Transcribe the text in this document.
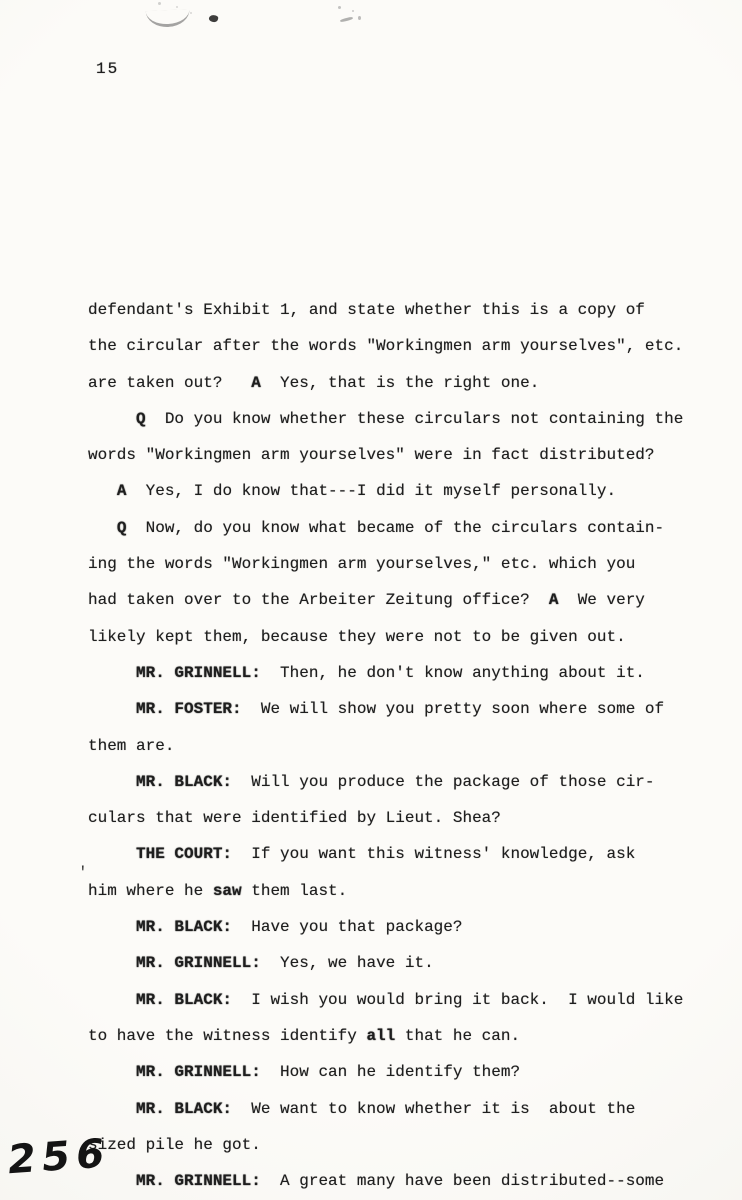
15
defendant's Exhibit 1, and state whether this is a copy of
the circular after the words "Workingmen arm yourselves", etc.
are taken out?   A  Yes, that is the right one.
Q  Do you know whether these circulars not containing the
words "Workingmen arm yourselves" were in fact distributed?
A  Yes, I do know that---I did it myself personally.
Q  Now, do you know what became of the circulars contain-
ing the words "Workingmen arm yourselves," etc. which you
had taken over to the Arbeiter Zeitung office?  A  We very
likely kept them, because they were not to be given out.
MR. GRINNELL:  Then, he don't know anything about it.
MR. FOSTER:  We will show you pretty soon where some of
them are.
MR. BLACK:  Will you produce the package of those cir-
culars that were identified by Lieut. Shea?
THE COURT:  If you want this witness' knowledge, ask
him where he saw them last.
MR. BLACK:  Have you that package?
MR. GRINNELL:  Yes, we have it.
MR. BLACK:  I wish you would bring it back.  I would like
to have the witness identify all that he can.
MR. GRINNELL:  How can he identify them?
MR. BLACK:  We want to know whether it is  about the
sized pile he got.
MR. GRINNELL:  A great many have been distributed--some
'
256
